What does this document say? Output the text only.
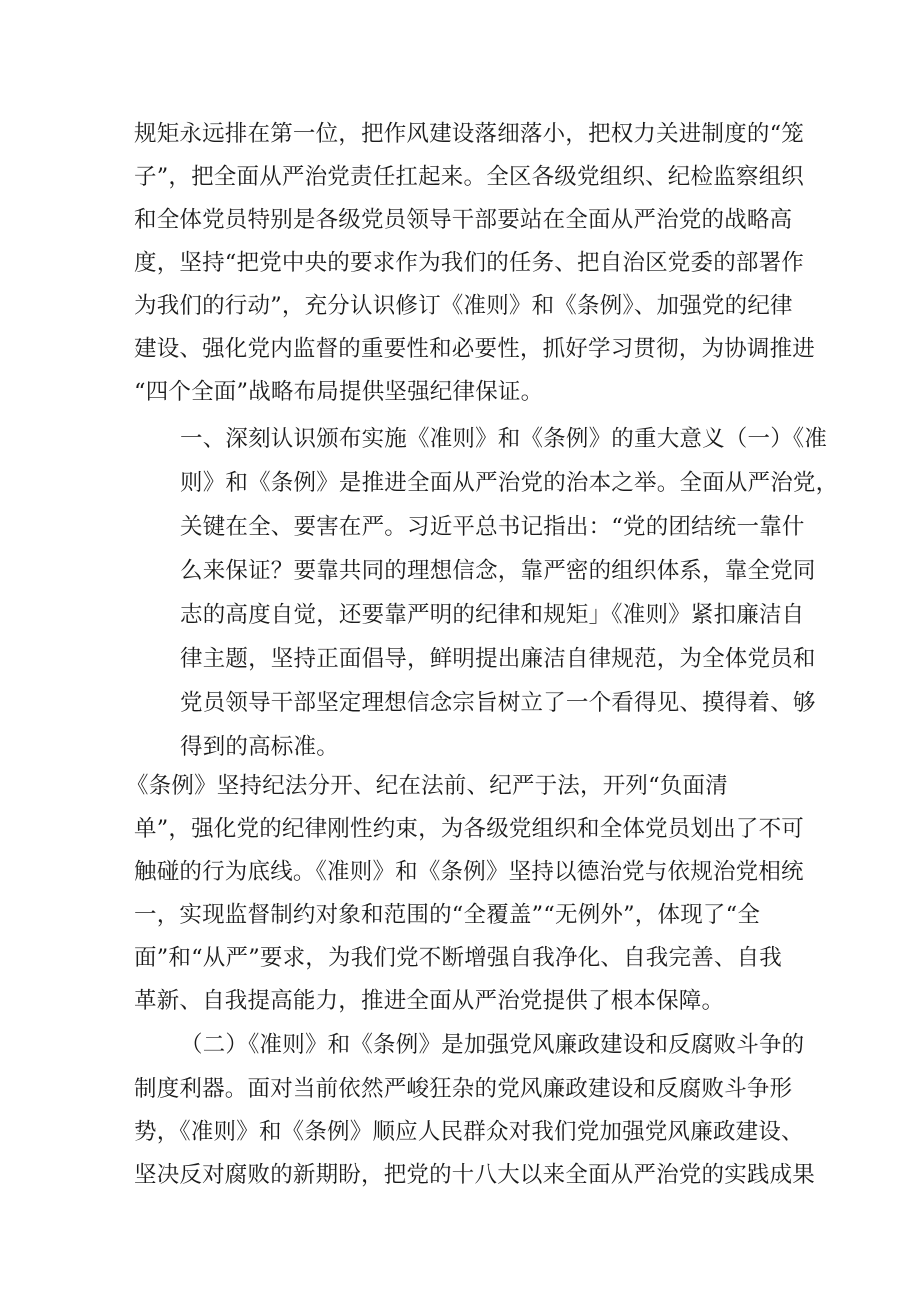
规矩永远排在第一位，把作风建设落细落小，把权力关进制度的“笼
子”，把全面从严治党责任扛起来。全区各级党组织、纪检监察组织
和全体党员特别是各级党员领导干部要站在全面从严治党的战略高
度，坚持“把党中央的要求作为我们的任务、把自治区党委的部署作
为我们的行动”，充分认识修订《准则》和《条例》、加强党的纪律
建设、强化党内监督的重要性和必要性，抓好学习贯彻，为协调推进
“四个全面”战略布局提供坚强纪律保证。
一、深刻认识颁布实施《准则》和《条例》的重大意义（一）《准
则》和《条例》是推进全面从严治党的治本之举。全面从严治党，
关键在全、要害在严。习近平总书记指出：“党的团结统一靠什
么来保证？要靠共同的理想信念，靠严密的组织体系，靠全党同
志的高度自觉，还要靠严明的纪律和规矩」《准则》紧扣廉洁自
律主题，坚持正面倡导，鲜明提出廉洁自律规范，为全体党员和
党员领导干部坚定理想信念宗旨树立了一个看得见、摸得着、够
得到的高标准。
《条例》坚持纪法分开、纪在法前、纪严于法，开列“负面清
单”，强化党的纪律刚性约束，为各级党组织和全体党员划出了不可
触碰的行为底线。《准则》和《条例》坚持以德治党与依规治党相统
一，实现监督制约对象和范围的“全覆盖”“无例外”，体现了“全
面”和“从严”要求，为我们党不断增强自我净化、自我完善、自我
革新、自我提高能力，推进全面从严治党提供了根本保障。
（二）《准则》和《条例》是加强党风廉政建设和反腐败斗争的
制度利器。面对当前依然严峻狂杂的党风廉政建设和反腐败斗争形
势，《准则》和《条例》顺应人民群众对我们党加强党风廉政建设、
坚决反对腐败的新期盼，把党的十八大以来全面从严治党的实践成果
